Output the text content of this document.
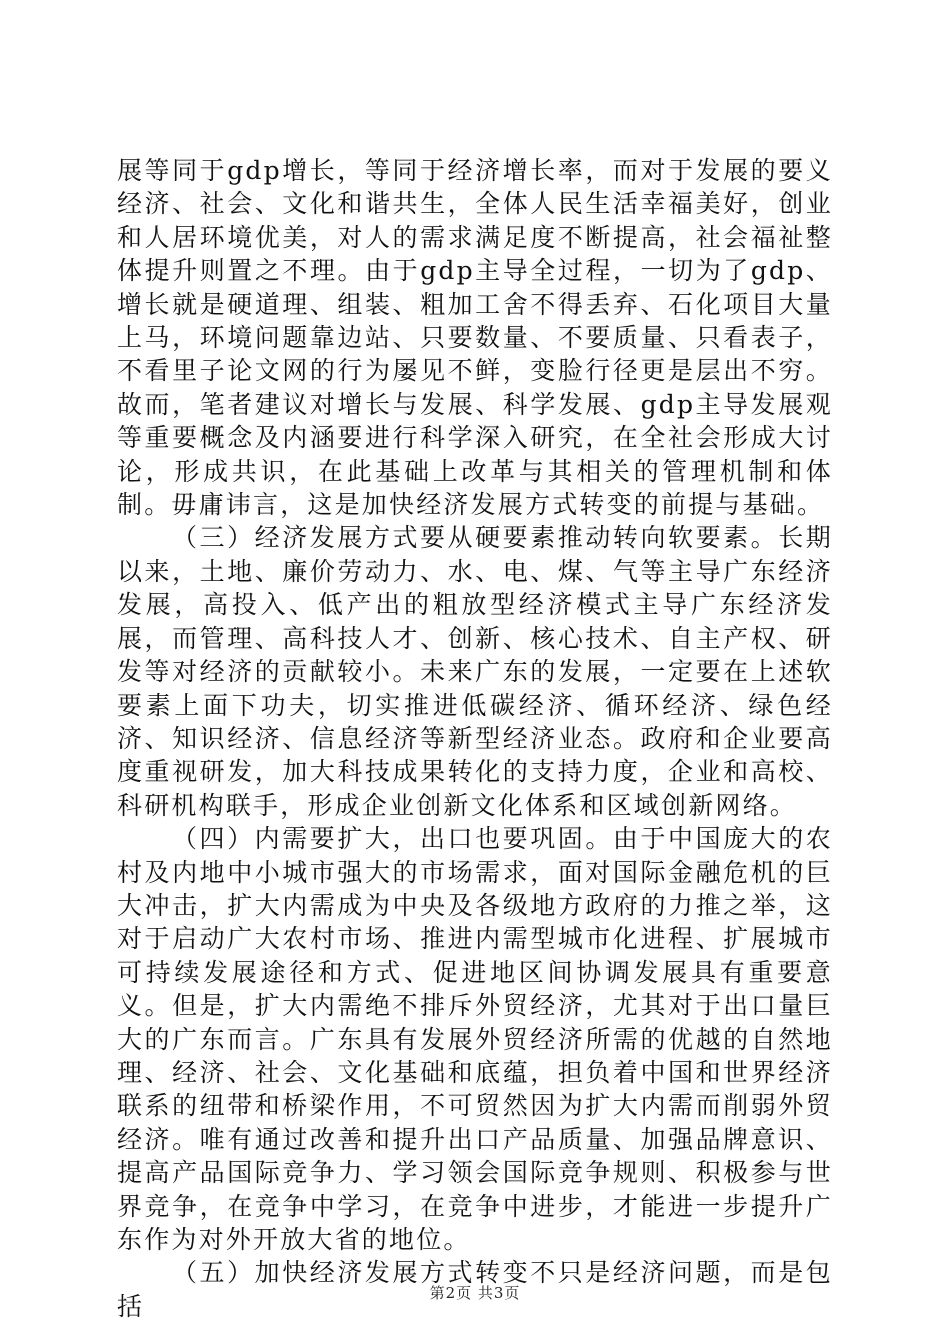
展等同于gdp增长，等同于经济增长率，而对于发展的要义经济、社会、文化和谐共生，全体人民生活幸福美好，创业和人居环境优美，对人的需求满足度不断提高，社会福祉整体提升则置之不理。由于gdp主导全过程，一切为了gdp、增长就是硬道理、组装、粗加工舍不得丢弃、石化项目大量上马，环境问题靠边站、只要数量、不要质量、只看表子，不看里子论文网的行为屡见不鲜，变脸行径更是层出不穷。故而，笔者建议对增长与发展、科学发展、gdp主导发展观等重要概念及内涵要进行科学深入研究，在全社会形成大讨论，形成共识，在此基础上改革与其相关的管理机制和体制。毋庸讳言，这是加快经济发展方式转变的前提与基础。

（三）经济发展方式要从硬要素推动转向软要素。长期以来，土地、廉价劳动力、水、电、煤、气等主导广东经济发展，高投入、低产出的粗放型经济模式主导广东经济发展，而管理、高科技人才、创新、核心技术、自主产权、研发等对经济的贡献较小。未来广东的发展，一定要在上述软要素上面下功夫，切实推进低碳经济、循环经济、绿色经济、知识经济、信息经济等新型经济业态。政府和企业要高度重视研发，加大科技成果转化的支持力度，企业和高校、科研机构联手，形成企业创新文化体系和区域创新网络。

（四）内需要扩大，出口也要巩固。由于中国庞大的农村及内地中小城市强大的市场需求，面对国际金融危机的巨大冲击，扩大内需成为中央及各级地方政府的力推之举，这对于启动广大农村市场、推进内需型城市化进程、扩展城市可持续发展途径和方式、促进地区间协调发展具有重要意义。但是，扩大内需绝不排斥外贸经济，尤其对于出口量巨大的广东而言。广东具有发展外贸经济所需的优越的自然地理、经济、社会、文化基础和底蕴，担负着中国和世界经济联系的纽带和桥梁作用，不可贸然因为扩大内需而削弱外贸经济。唯有通过改善和提升出口产品质量、加强品牌意识、提高产品国际竞争力、学习领会国际竞争规则、积极参与世界竞争，在竞争中学习，在竞争中进步，才能进一步提升广东作为对外开放大省的地位。

（五）加快经济发展方式转变不只是经济问题，而是包括	第2页 共3页
